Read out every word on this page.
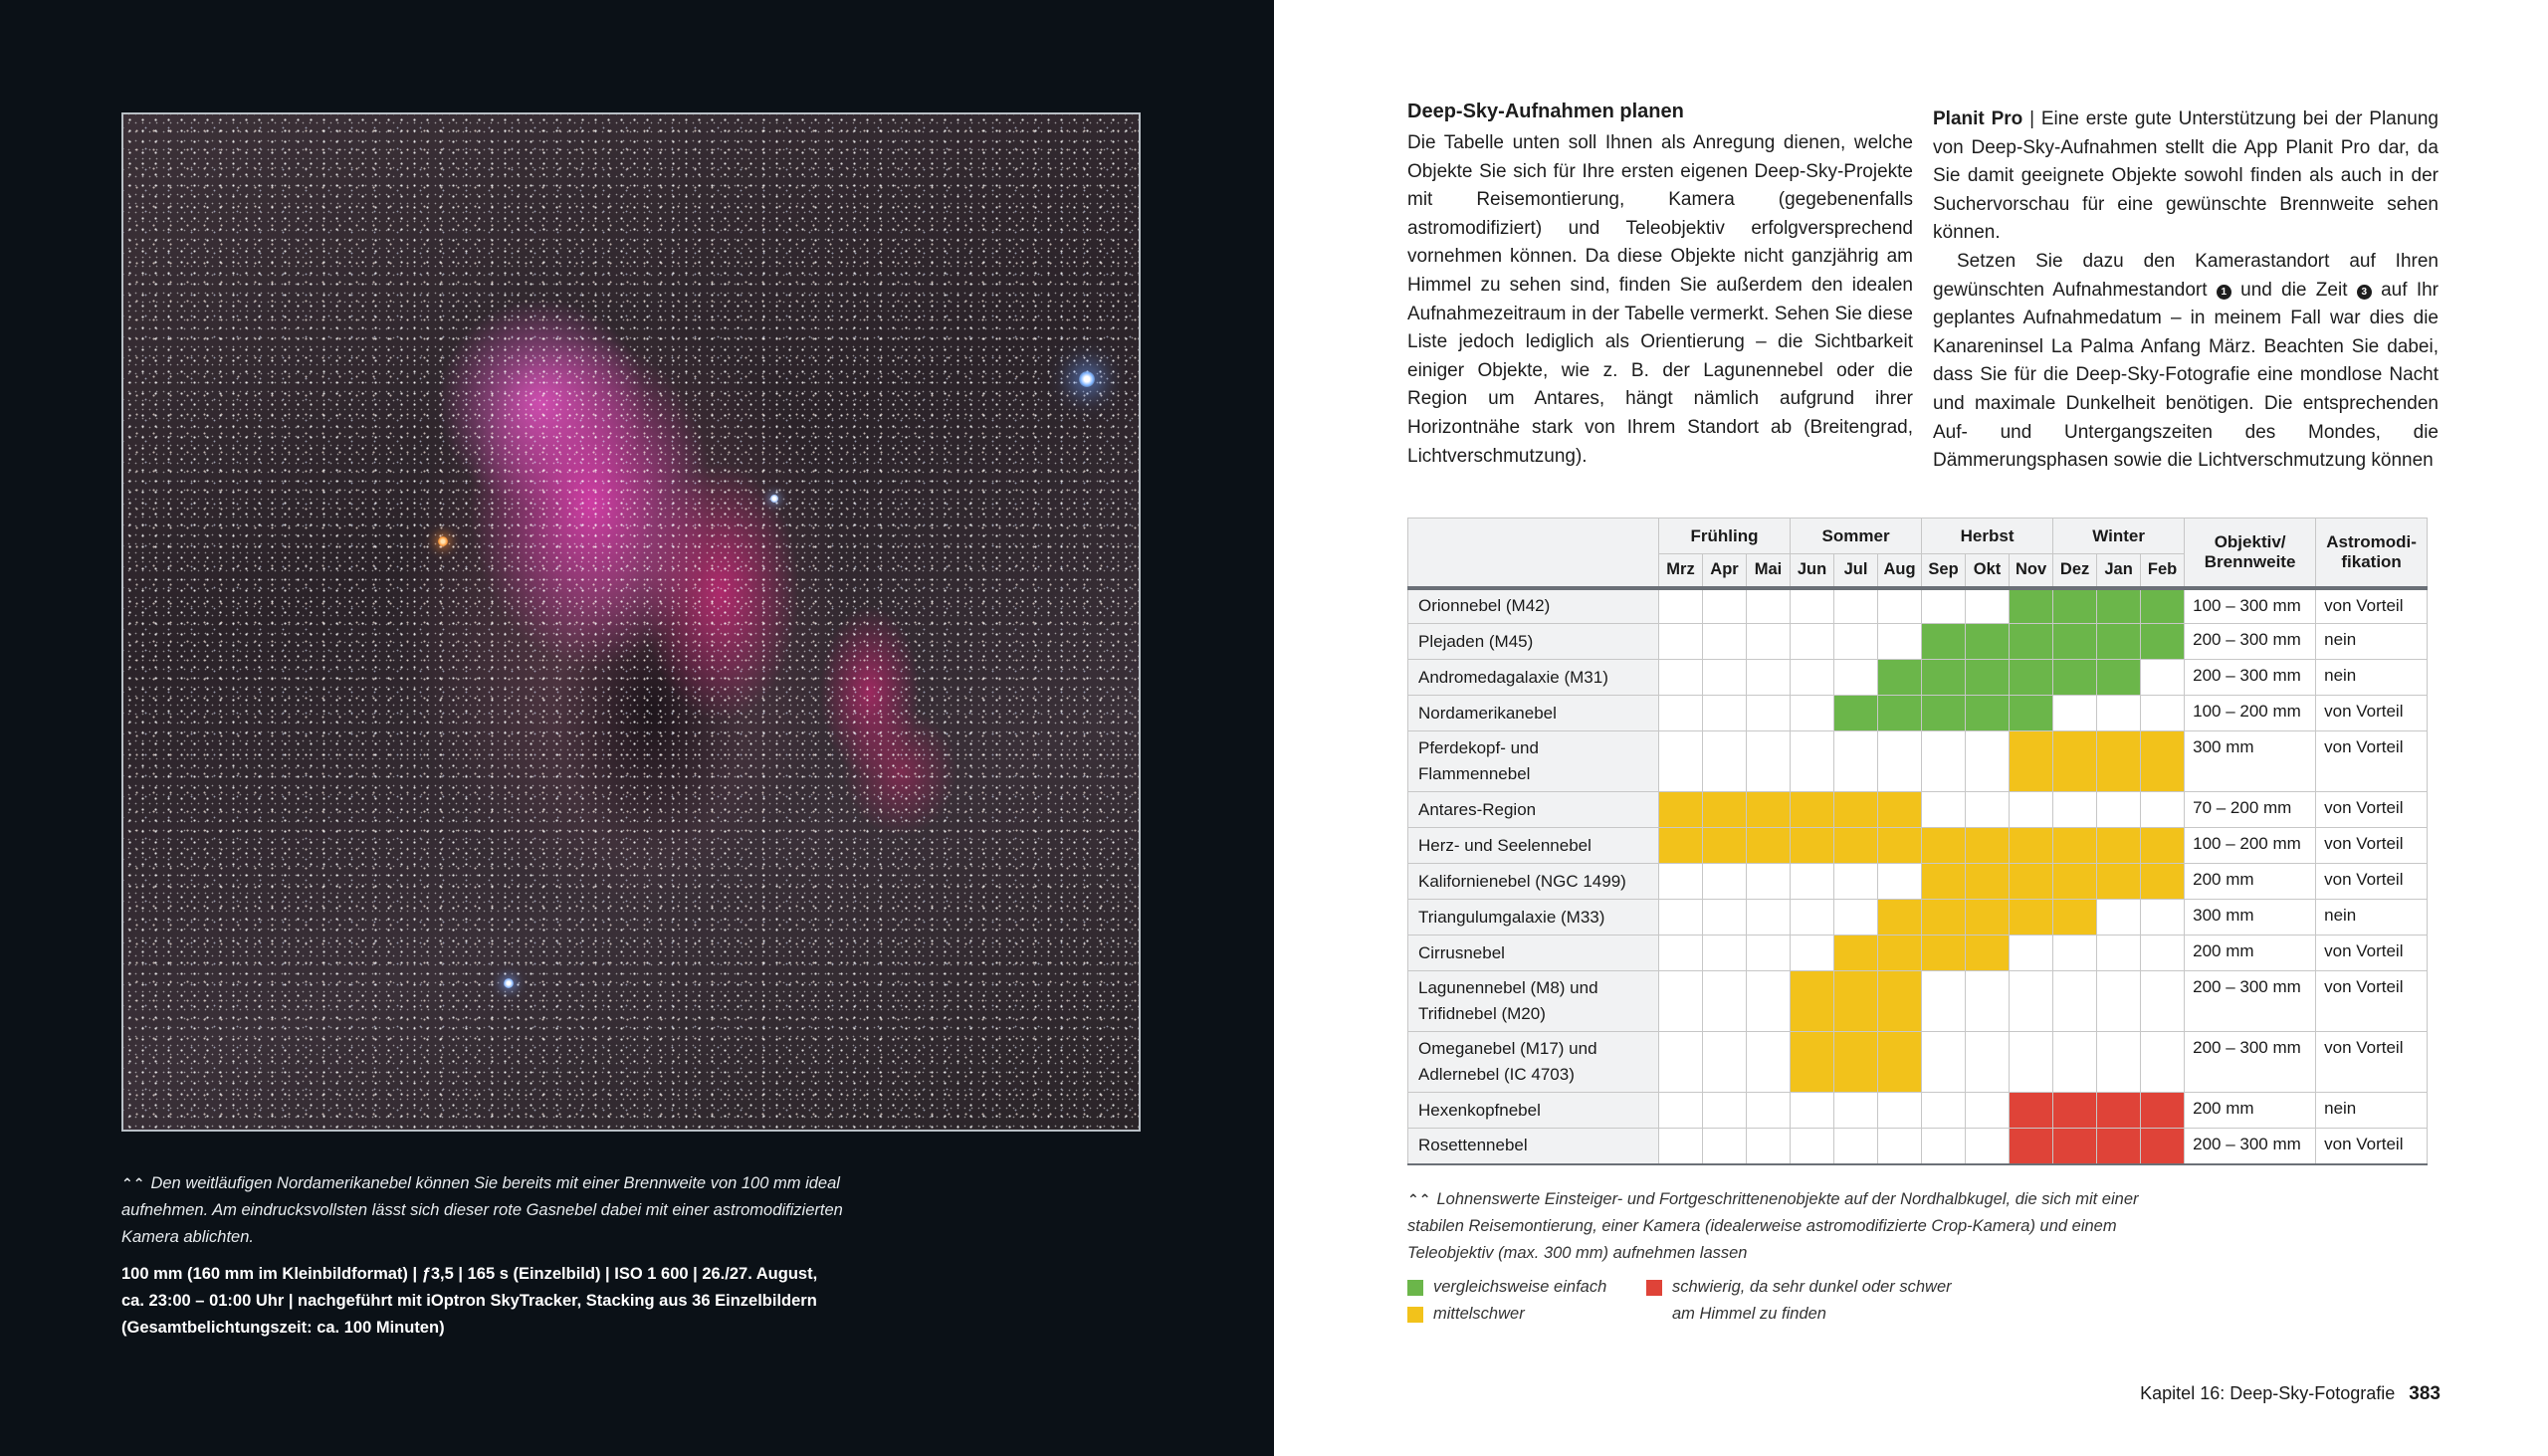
⌃⌃ Den weitläufigen Nordamerikanebel können Sie bereits mit einer Brennweite von 100 mm ideal aufnehmen. Am eindrucksvollsten lässt sich dieser rote Gasnebel dabei mit einer astromodifizierten Kamera ablichten.
100 mm (160 mm im Kleinbildformat) | ƒ3,5 | 165 s (Einzelbild) | ISO 1 600 | 26./27. August,
ca. 23:00 – 01:00 Uhr | nachgeführt mit iOptron SkyTracker, Stacking aus 36 Einzelbildern
(Gesamtbelichtungszeit: ca. 100 Minuten)
Deep-Sky-Aufnahmen planen

Die Tabelle unten soll Ihnen als Anregung dienen, welche Objekte Sie sich für Ihre ersten eigenen Deep-Sky-Projekte mit Reisemontierung, Kamera (gegebenenfalls astromodifiziert) und Teleobjektiv erfolgversprechend vornehmen können. Da diese Objekte nicht ganzjährig am Himmel zu sehen sind, finden Sie außerdem den idealen Aufnahmezeitraum in der Tabelle vermerkt. Sehen Sie diese Liste jedoch lediglich als Orientierung – die Sichtbarkeit einiger Objekte, wie z. B. der Lagunennebel oder die Region um Antares, hängt nämlich aufgrund ihrer Horizontnähe stark von Ihrem Standort ab (Breitengrad, Lichtverschmutzung).

Planit Pro | Eine erste gute Unterstützung bei der Planung von Deep-Sky-Aufnahmen stellt die App Planit Pro dar, da Sie damit geeignete Objekte sowohl finden als auch in der Suchervorschau für eine gewünschte Brennweite sehen können.

Setzen Sie dazu den Kamerastandort auf Ihren gewünschten Aufnahmestandort 1 und die Zeit 3 auf Ihr geplantes Aufnahmedatum – in meinem Fall war dies die Kanareninsel La Palma Anfang März. Beachten Sie dabei, dass Sie für die Deep-Sky-Fotografie eine mondlose Nacht und maximale Dunkelheit benötigen. Die entsprechenden Auf- und Untergangszeiten des Mondes, die Dämmerungsphasen sowie die Lichtverschmutzung können

	Frühling			Sommer			Herbst			Winter			Objektiv/ Brennweite	Astromodi-fikation
	Mrz	Apr	Mai	Jun	Jul	Aug	Sep	Okt	Nov	Dez	Jan	Feb		
Orionnebel (M42)													100 – 300 mm	von Vorteil
Plejaden (M45)													200 – 300 mm	nein
Andromedagalaxie (M31)													200 – 300 mm	nein
Nordamerikanebel													100 – 200 mm	von Vorteil
Pferdekopf- und Flammennebel													300 mm	von Vorteil
Antares-Region													70 – 200 mm	von Vorteil
Herz- und Seelennebel													100 – 200 mm	von Vorteil
Kalifornienebel (NGC 1499)													200 mm	von Vorteil
Triangulumgalaxie (M33)													300 mm	nein
Cirrusnebel													200 mm	von Vorteil
Lagunennebel (M8) und Trifidnebel (M20)													200 – 300 mm	von Vorteil
Omeganebel (M17) und Adlernebel (IC 4703)													200 – 300 mm	von Vorteil
Hexenkopfnebel													200 mm	nein
Rosettennebel													200 – 300 mm	von Vorteil
⌃⌃ Lohnenswerte Einsteiger- und Fortgeschrittenenobjekte auf der Nordhalbkugel, die sich mit einer stabilen Reisemontierung, einer Kamera (idealerweise astromodifizierte Crop-Kamera) und einem Teleobjektiv (max. 300 mm) aufnehmen lassen
vergleichsweise einfach
mittelschwer
schwierig, da sehr dunkel oder schwer am Himmel zu finden
Kapitel 16: Deep-Sky-Fotografie 383
